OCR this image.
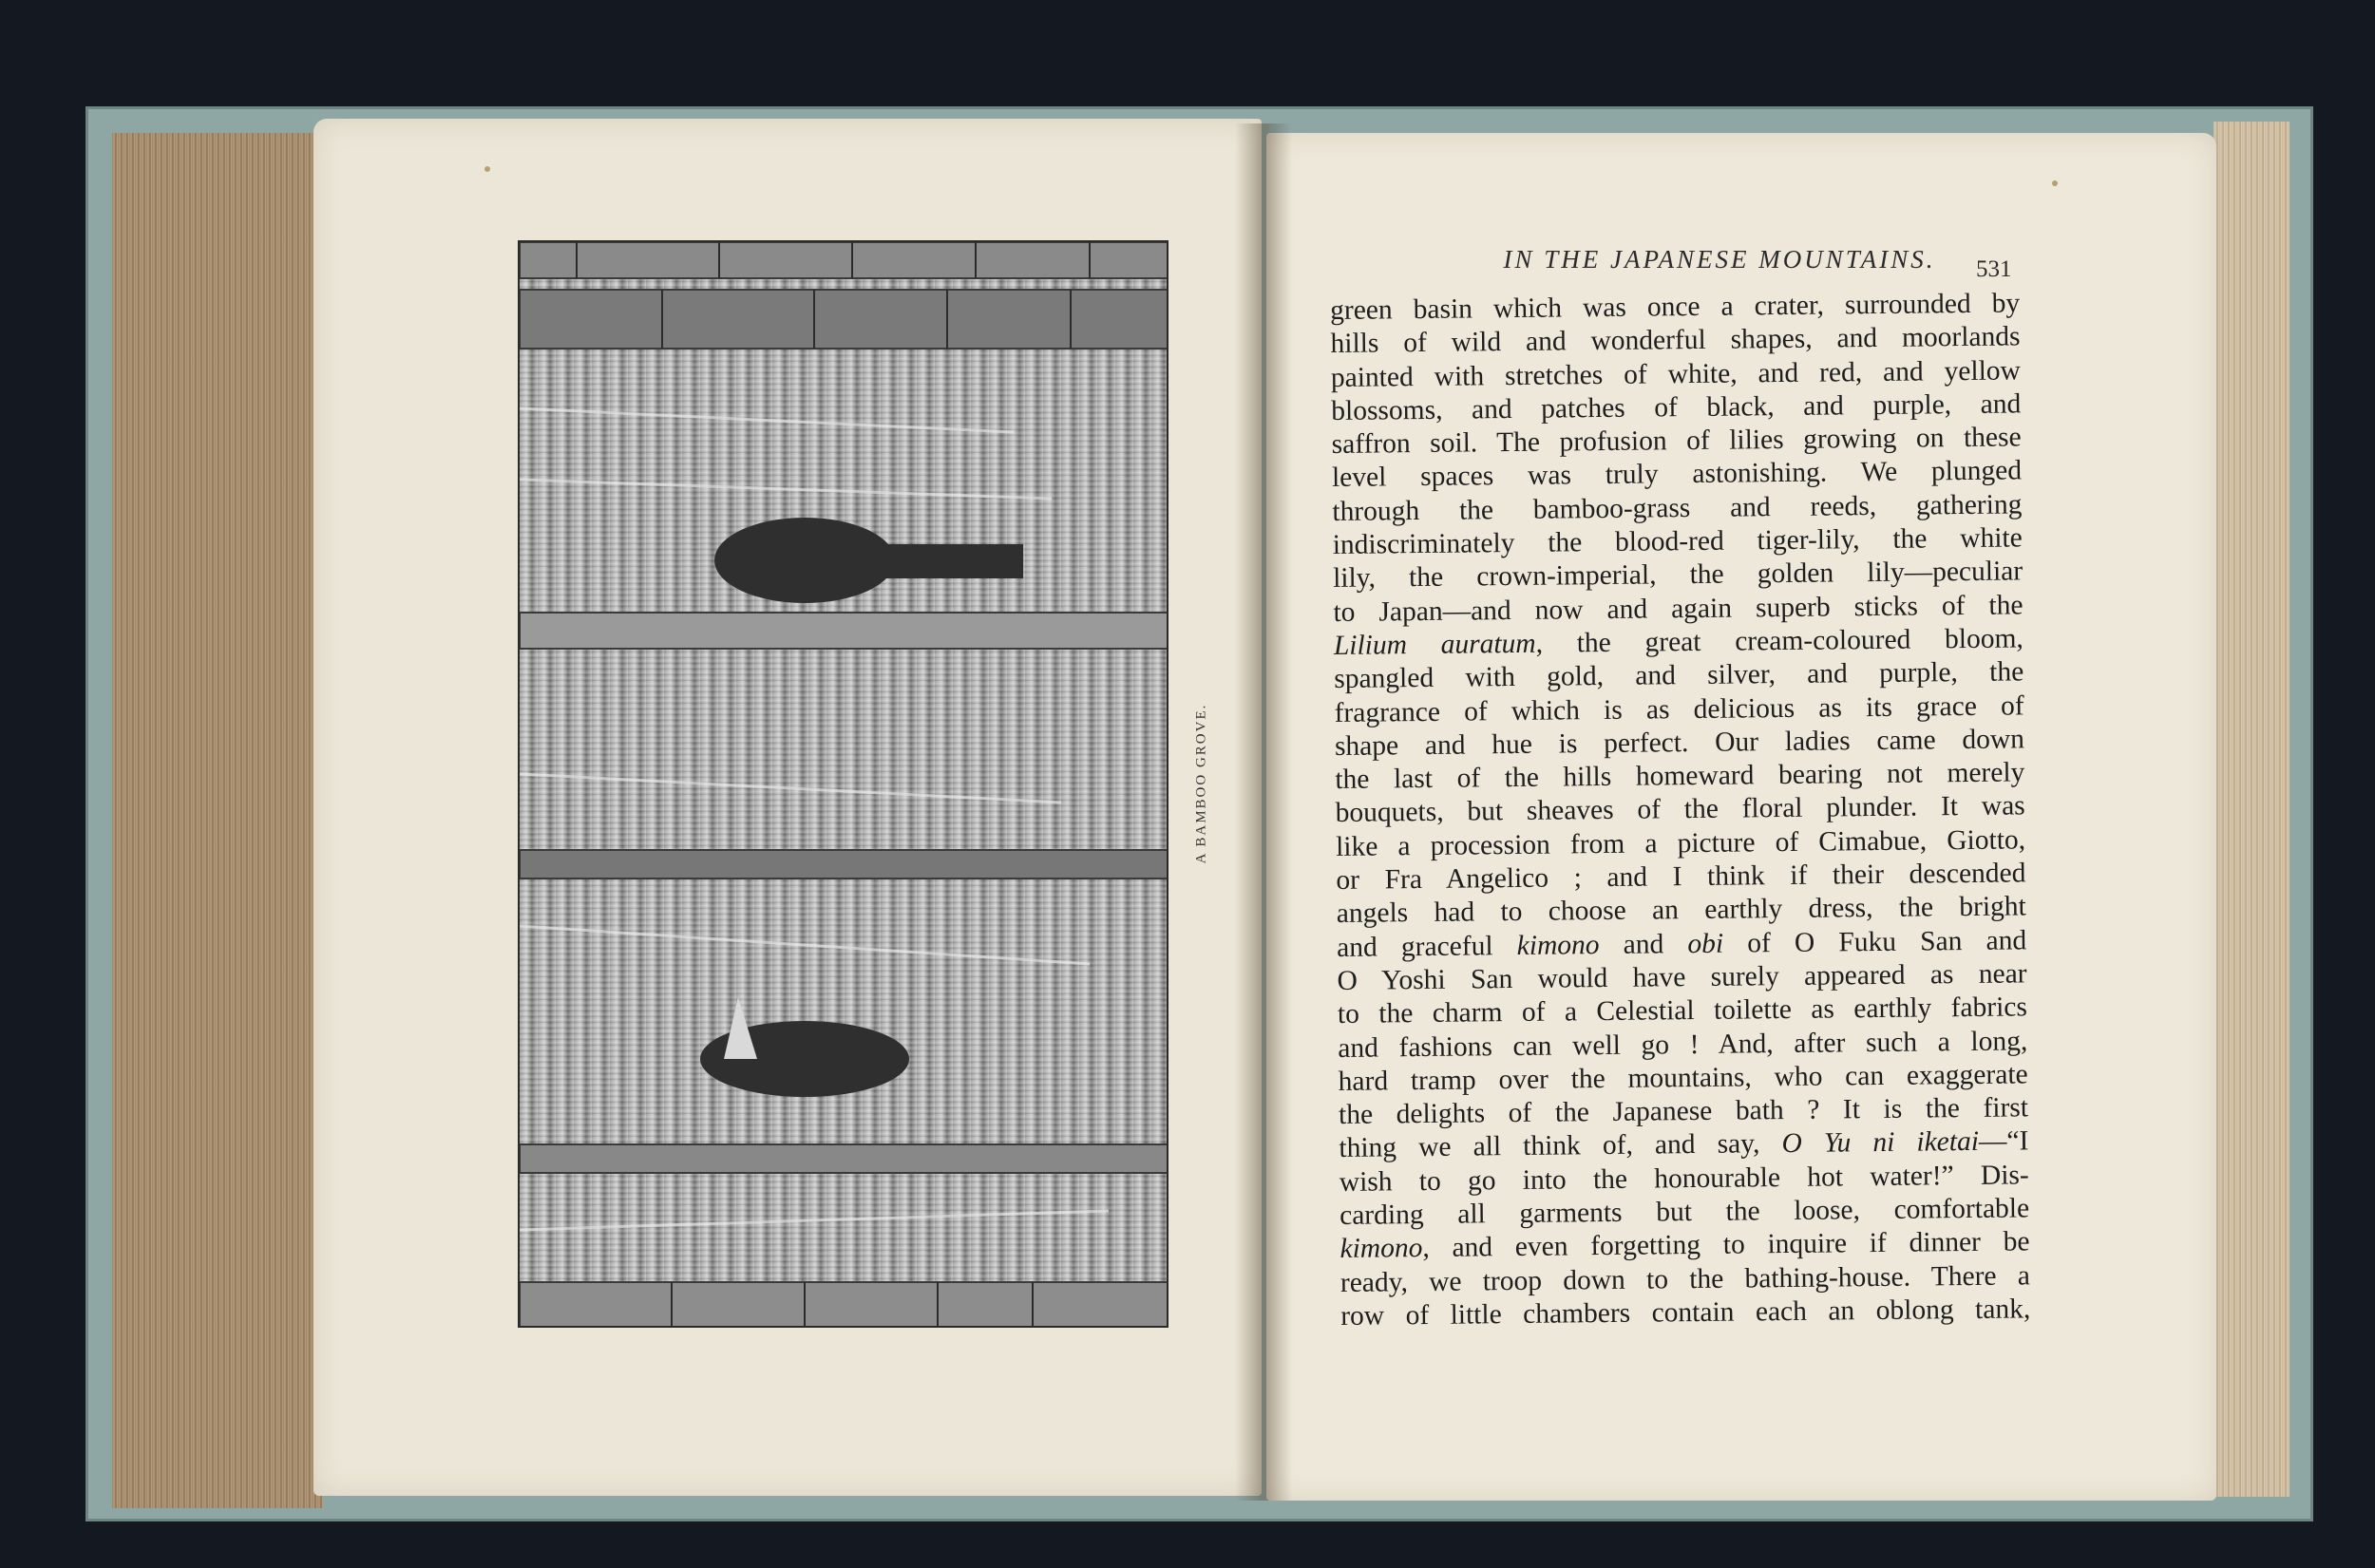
A BAMBOO GROVE.
IN THE JAPANESE MOUNTAINS.	531
green basin which was once a crater, surrounded by
hills of wild and wonderful shapes, and moorlands
painted with stretches of white, and red, and yellow
blossoms, and patches of black, and purple, and
saffron soil. The profusion of lilies growing on these
level spaces was truly astonishing. We plunged
through the bamboo-grass and reeds, gathering
indiscriminately the blood-red tiger-lily, the white
lily, the crown-imperial, the golden lily—peculiar
to Japan—and now and again superb sticks of the
Lilium auratum, the great cream-coloured bloom,
spangled with gold, and silver, and purple, the
fragrance of which is as delicious as its grace of
shape and hue is perfect. Our ladies came down
the last of the hills homeward bearing not merely
bouquets, but sheaves of the floral plunder. It was
like a procession from a picture of Cimabue, Giotto,
or Fra Angelico ; and I think if their descended
angels had to choose an earthly dress, the bright
and graceful kimono and obi of O Fuku San and
O Yoshi San would have surely appeared as near
to the charm of a Celestial toilette as earthly fabrics
and fashions can well go ! And, after such a long,
hard tramp over the mountains, who can exaggerate
the delights of the Japanese bath ? It is the first
thing we all think of, and say, O Yu ni iketai—“I
wish to go into the honourable hot water!” Dis-
carding all garments but the loose, comfortable
kimono, and even forgetting to inquire if dinner be
ready, we troop down to the bathing-house. There a
row of little chambers contain each an oblong tank,
